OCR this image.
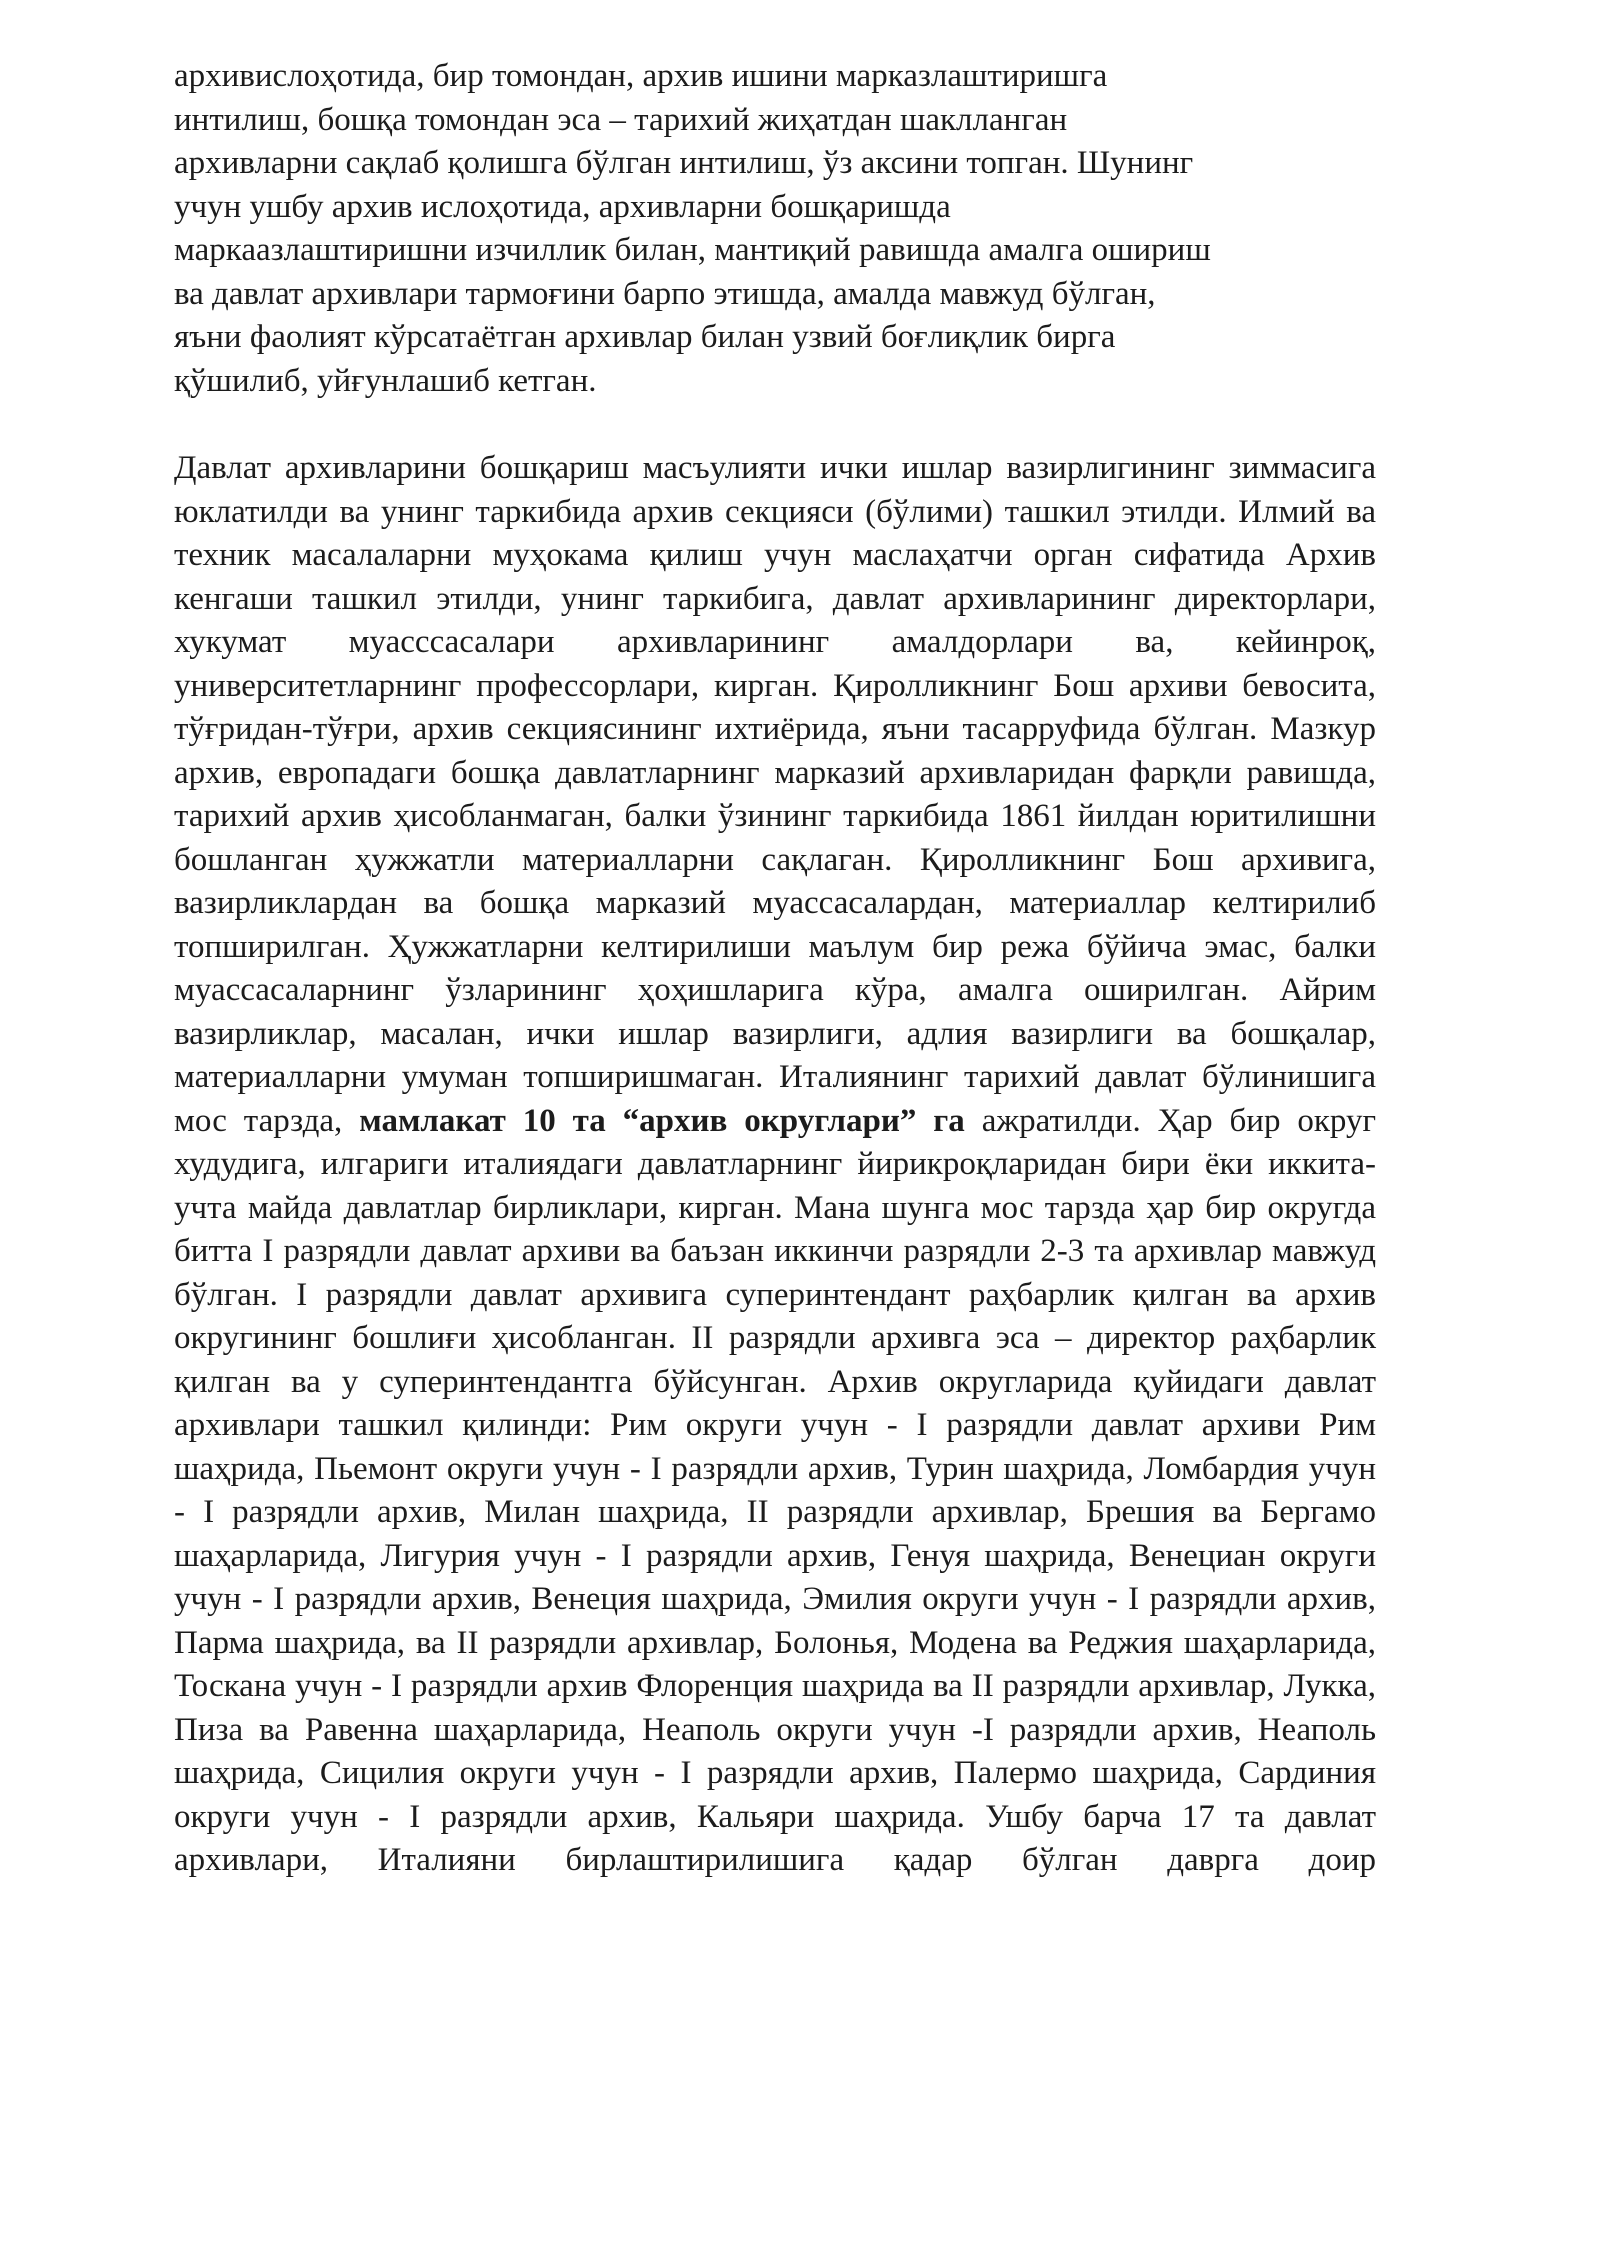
архивислоҳотида, бир томондан, архив ишини марказлаштиришга
интилиш, бошқа томондан эса – тарихий жиҳатдан шаклланган
архивларни сақлаб қолишга бўлган интилиш, ўз аксини топган. Шунинг
учун ушбу архив ислоҳотида, архивларни бошқаришда
маркаазлаштиришни изчиллик билан, мантиқий равишда амалга ошириш
ва давлат архивлари тармоғини барпо этишда, амалда мавжуд бўлган,
яъни фаолият кўрсатаётган архивлар билан узвий боғлиқлик бирга
қўшилиб, уйғунлашиб кетган.

Давлат архивларини бошқариш масъулияти ички ишлар вазирлигининг зиммасига юклатилди ва унинг таркибида архив секцияси (бўлими) ташкил этилди. Илмий ва техник масалаларни муҳокама қилиш учун маслаҳатчи орган сифатида Архив кенгаши ташкил этилди, унинг таркибига, давлат архивларининг директорлари, хукумат муасссасалари архивларининг амалдорлари ва, кейинроқ, университетларнинг профессорлари, кирган. Қиролликнинг Бош архиви бевосита, тўғридан-тўғри, архив секциясининг ихтиёрида, яъни тасарруфида бўлган. Мазкур архив, европадаги бошқа давлатларнинг марказий архивларидан фарқли равишда, тарихий архив ҳисобланмаган, балки ўзининг таркибида 1861 йилдан юритилишни бошланган ҳужжатли материалларни сақлаган. Қиролликнинг Бош архивига, вазирликлардан ва бошқа марказий муассасалардан, материаллар келтирилиб топширилган. Ҳужжатларни келтирилиши маълум бир режа бўйича эмас, балки муассасаларнинг ўзларининг ҳоҳишларига кўра, амалга оширилган. Айрим вазирликлар, масалан, ички ишлар вазирлиги, адлия вазирлиги ва бошқалар, материалларни умуман топширишмаган. Италиянинг тарихий давлат бўлинишига мос тарзда, мамлакат 10 та “архив округлари” га ажратилди. Ҳар бир округ худудига, илгариги италиядаги давлатларнинг йирикроқларидан бири ёки иккита-учта майда давлатлар бирликлари, кирган. Мана шунга мос тарзда ҳар бир округда битта I разрядли давлат архиви ва баъзан иккинчи разрядли 2-3 та архивлар мавжуд бўлган. I разрядли давлат архивига суперинтендант раҳбарлик қилган ва архив округининг бошлиғи ҳисобланган. II разрядли архивга эса – директор раҳбарлик қилган ва у суперинтендантга бўйсунган. Архив округларида қуйидаги давлат архивлари ташкил қилинди: Рим округи учун - I разрядли давлат архиви Рим шаҳрида, Пьемонт округи учун - I разрядли архив, Турин шаҳрида, Ломбардия учун - I разрядли архив, Милан шаҳрида, II разрядли архивлар, Брешия ва Бергамо шаҳарларида, Лигурия учун - I разрядли архив, Генуя шаҳрида, Венециан округи учун - I разрядли архив, Венеция шаҳрида, Эмилия округи учун - I разрядли архив, Парма шаҳрида, ва II разрядли архивлар, Болонья, Модена ва Реджия шаҳарларида, Тоскана учун - I разрядли архив Флоренция шаҳрида ва II разрядли архивлар, Лукка, Пиза ва Равенна шаҳарларида, Неаполь округи учун -I разрядли архив, Неаполь шаҳрида, Сицилия округи учун - I разрядли архив, Палермо шаҳрида, Сардиния округи учун - I разрядли архив, Кальяри шаҳрида. Ушбу барча 17 та давлат архивлари, Италияни бирлаштирилишига қадар бўлган даврга доир
